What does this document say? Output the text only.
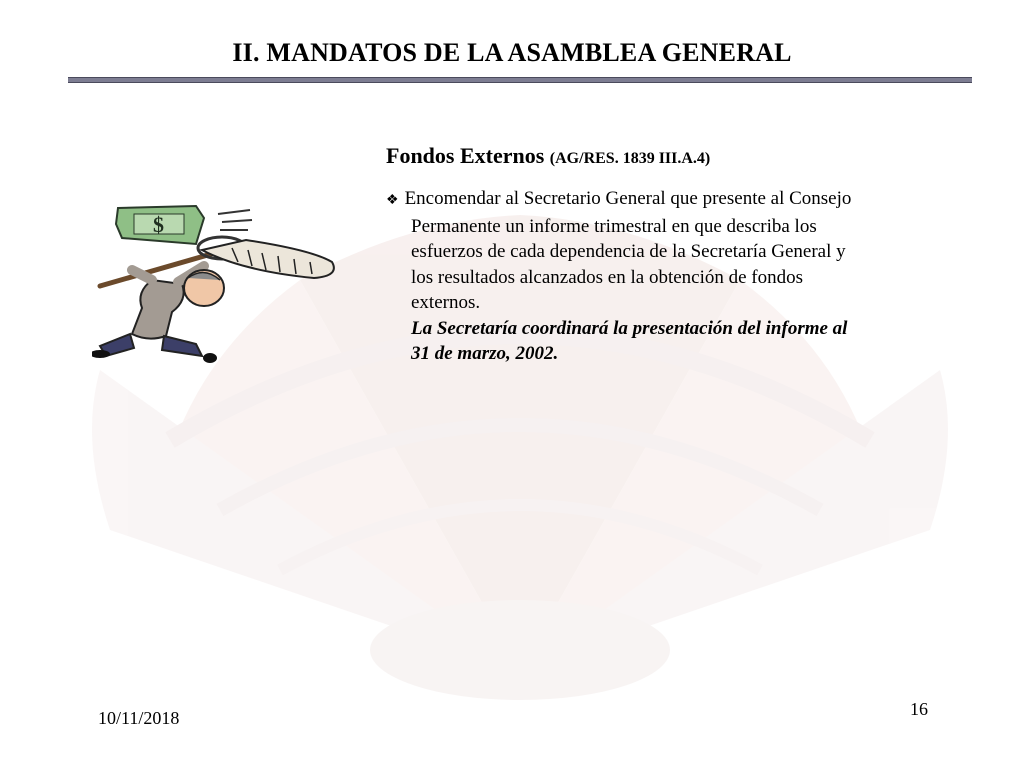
II. MANDATOS DE LA ASAMBLEA GENERAL
$
Fondos Externos (AG/RES. 1839 III.A.4)
❖ Encomendar al Secretario General que presente al Consejo
Permanente un informe trimestral en que describa los
esfuerzos de cada dependencia de la Secretaría General y
los resultados alcanzados en la obtención de fondos
externos.
La Secretaría coordinará la presentación del informe al
31 de marzo, 2002.
10/11/2018	16
